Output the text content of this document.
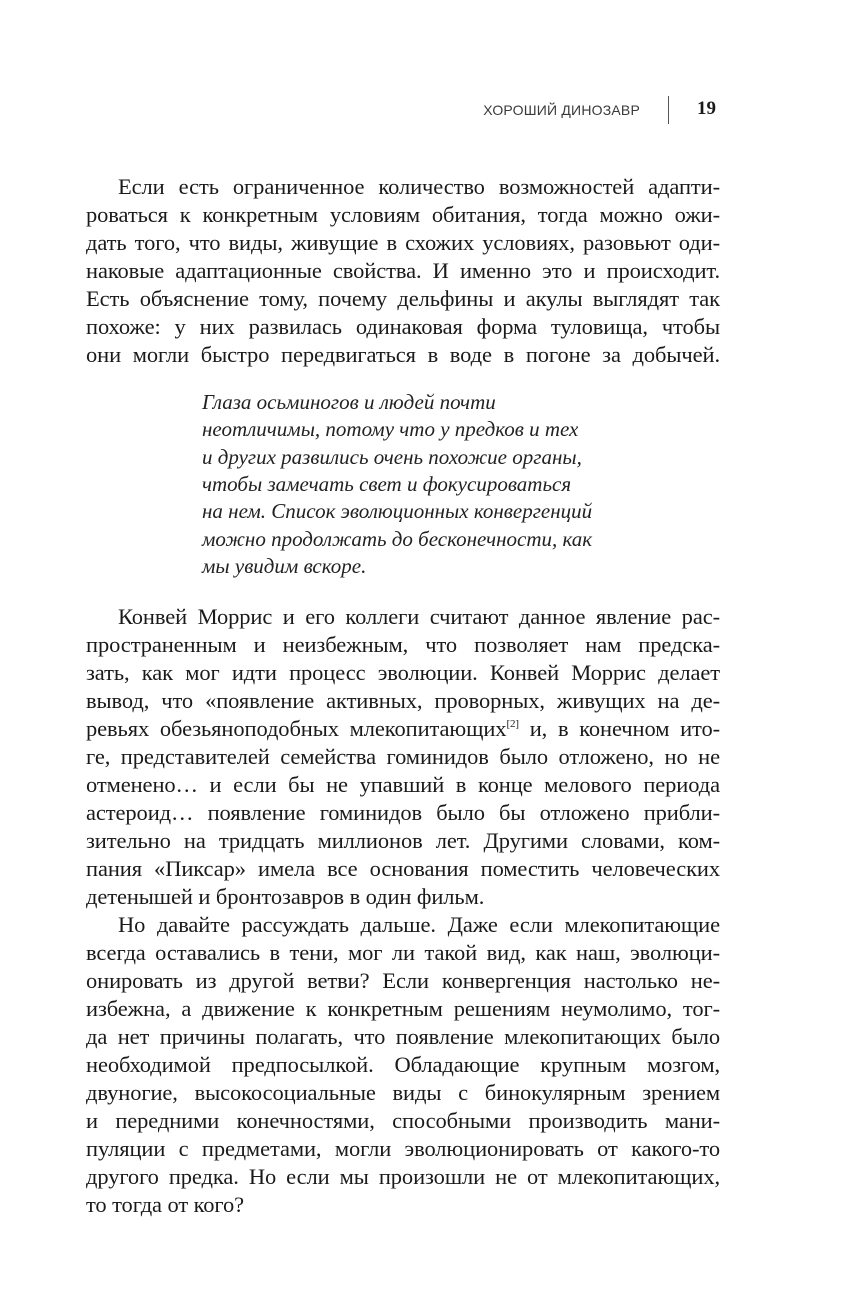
ХОРОШИЙ ДИНОЗАВР	19
Если есть ограниченное количество возможностей адапти-
роваться к конкретным условиям обитания, тогда можно ожи-
дать того, что виды, живущие в схожих условиях, разовьют оди-
наковые адаптационные свойства. И именно это и происходит.
Есть объяснение тому, почему дельфины и акулы выглядят так
похоже: у них развилась одинаковая форма туловища, чтобы
они могли быстро передвигаться в воде в погоне за добычей.
Глаза осьминогов и людей почти
неотличимы, потому что у предков и тех
и других развились очень похожие органы,
чтобы замечать свет и фокусироваться
на нем. Список эволюционных конвергенций
можно продолжать до бесконечности, как
мы увидим вскоре.
Конвей Моррис и его коллеги считают данное явление рас-
пространенным и неизбежным, что позволяет нам предска-
зать, как мог идти процесс эволюции. Конвей Моррис делает
вывод, что «появление активных, проворных, живущих на де-
ревьях обезьяноподобных млекопитающих[2] и, в конечном ито-
ге, представителей семейства гоминидов было отложено, но не
отменено… и если бы не упавший в конце мелового периода
астероид… появление гоминидов было бы отложено прибли-
зительно на тридцать миллионов лет. Другими словами, ком-
пания «Пиксар» имела все основания поместить человеческих
детенышей и бронтозавров в один фильм.
Но давайте рассуждать дальше. Даже если млекопитающие
всегда оставались в тени, мог ли такой вид, как наш, эволюци-
онировать из другой ветви? Если конвергенция настолько не-
избежна, а движение к конкретным решениям неумолимо, тог-
да нет причины полагать, что появление млекопитающих было
необходимой предпосылкой. Обладающие крупным мозгом,
двуногие, высокосоциальные виды с бинокулярным зрением
и передними конечностями, способными производить мани-
пуляции с предметами, могли эволюционировать от какого-то
другого предка. Но если мы произошли не от млекопитающих,
то тогда от кого?
